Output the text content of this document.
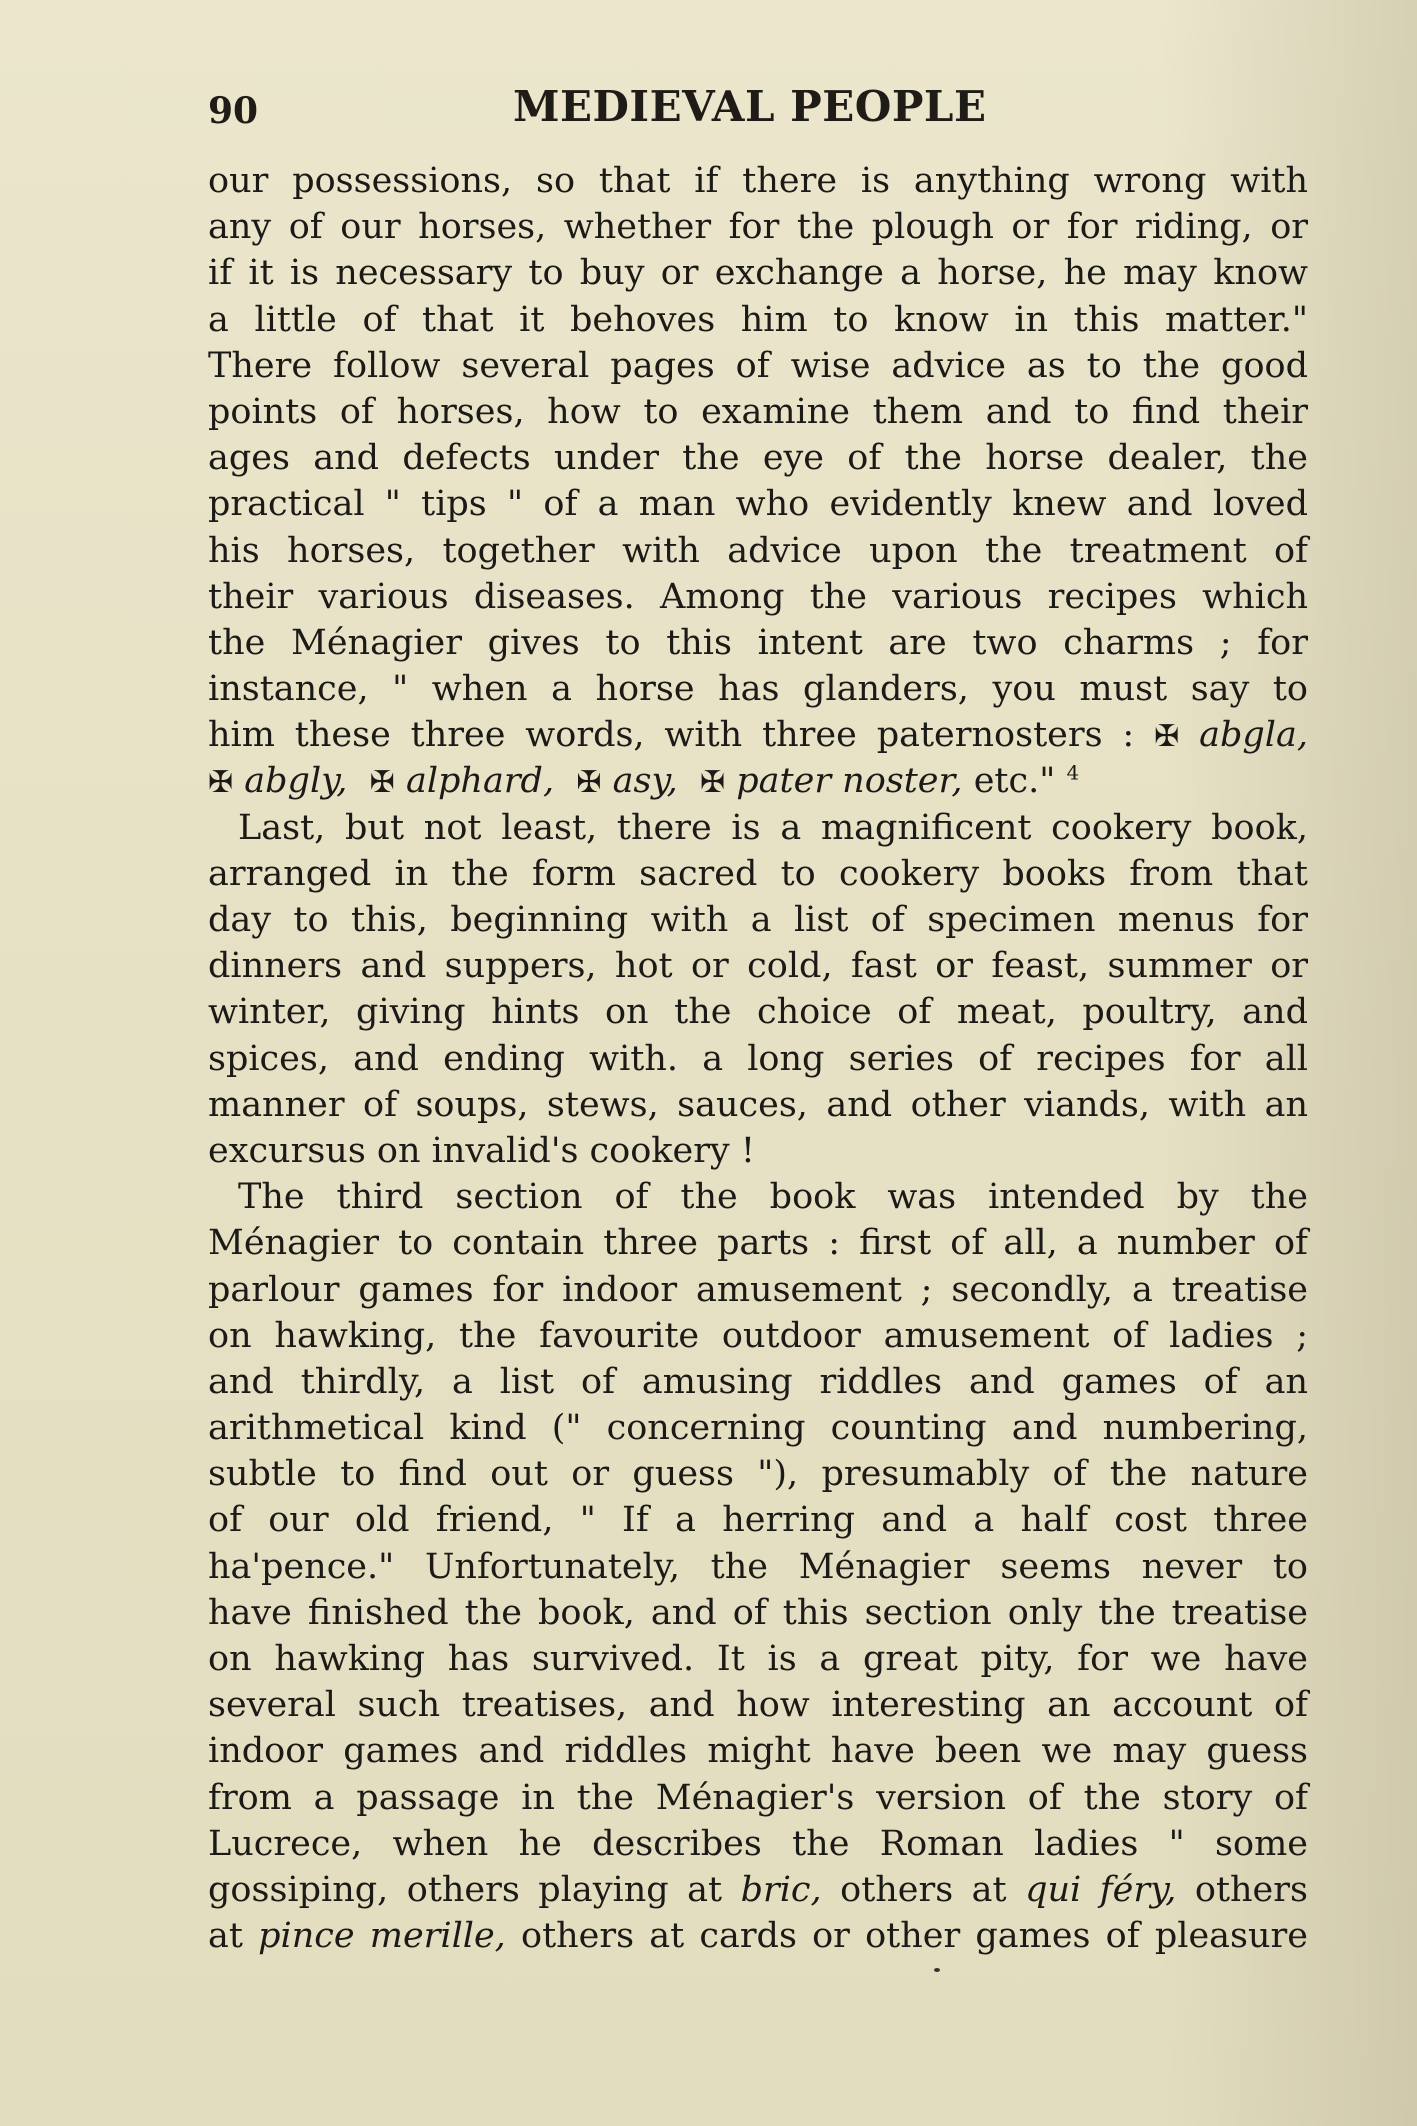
90	MEDIEVAL PEOPLE
our possessions, so that if there is anything wrong with
any of our horses, whether for the plough or for riding, or
if it is necessary to buy or exchange a horse, he may know
a little of that it behoves him to know in this matter."
There follow several pages of wise advice as to the good
points of horses, how to examine them and to find their
ages and defects under the eye of the horse dealer, the
practical " tips " of a man who evidently knew and loved
his horses, together with advice upon the treatment of
their various diseases. Among the various recipes which
the Ménagier gives to this intent are two charms ; for
instance, " when a horse has glanders, you must say to
him these three words, with three paternosters : ✠ abgla,
✠ abgly, ✠ alphard, ✠ asy, ✠ pater noster, etc." $^4$
Last, but not least, there is a magnificent cookery book,
arranged in the form sacred to cookery books from that
day to this, beginning with a list of specimen menus for
dinners and suppers, hot or cold, fast or feast, summer or
winter, giving hints on the choice of meat, poultry, and
spices, and ending with. a long series of recipes for all
manner of soups, stews, sauces, and other viands, with an
excursus on invalid's cookery !
The third section of the book was intended by the
Ménagier to contain three parts : first of all, a number of
parlour games for indoor amusement ; secondly, a treatise
on hawking, the favourite outdoor amusement of ladies ;
and thirdly, a list of amusing riddles and games of an
arithmetical kind (" concerning counting and numbering,
subtle to find out or guess "), presumably of the nature
of our old friend, " If a herring and a half cost three
ha'pence." Unfortunately, the Ménagier seems never to
have finished the book, and of this section only the treatise
on hawking has survived. It is a great pity, for we have
several such treatises, and how interesting an account of
indoor games and riddles might have been we may guess
from a passage in the Ménagier's version of the story of
Lucrece, when he describes the Roman ladies " some
gossiping, others playing at bric, others at qui féry, others
at pince merille, others at cards or other games of pleasure
